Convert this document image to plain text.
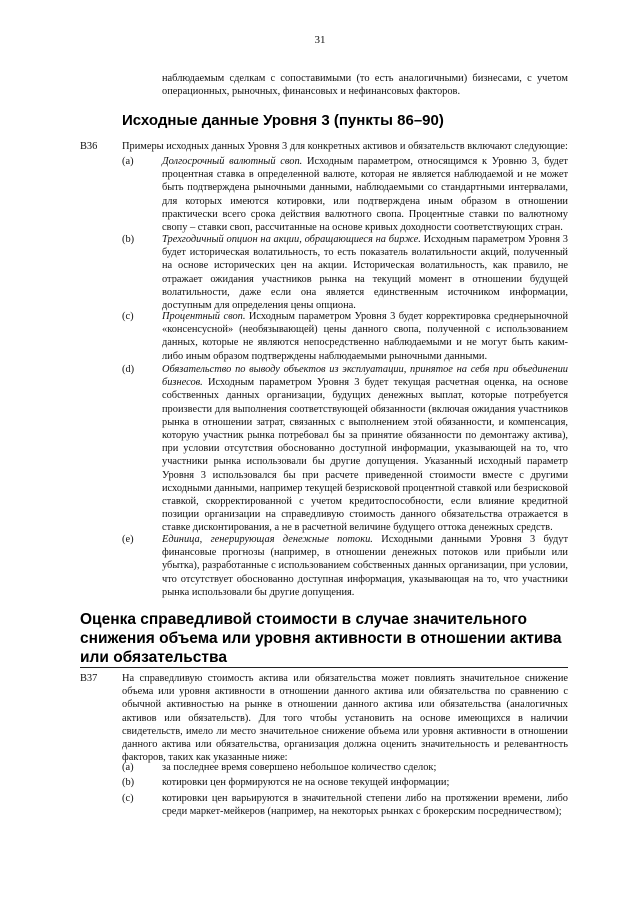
31
наблюдаемым сделкам с сопоставимыми (то есть аналогичными) бизнесами, с учетом операционных, рыночных, финансовых и нефинансовых факторов.
Исходные данные Уровня 3 (пункты 86–90)
B36 Примеры исходных данных Уровня 3 для конкретных активов и обязательств включают следующие:
(a)	Долгосрочный валютный своп. Исходным параметром, относящимся к Уровню 3, будет процентная ставка в определенной валюте, которая не является наблюдаемой и не может быть подтверждена рыночными данными, наблюдаемыми со стандартными интервалами, для которых имеются котировки, или подтверждена иным образом в отношении практически всего срока действия валютного свопа. Процентные ставки по валютному свопу – ставки своп, рассчитанные на основе кривых доходности соответствующих стран.
(b)	Трехгодичный опцион на акции, обращающиеся на бирже. Исходным параметром Уровня 3 будет историческая волатильность, то есть показатель волатильности акций, полученный на основе исторических цен на акции. Историческая волатильность, как правило, не отражает ожидания участников рынка на текущий момент в отношении будущей волатильности, даже если она является единственным источником информации, доступным для определения цены опциона.
(c)	Процентный своп. Исходным параметром Уровня 3 будет корректировка среднерыночной «консенсусной» (необязывающей) цены данного свопа, полученной с использованием данных, которые не являются непосредственно наблюдаемыми и не могут быть каким-либо иным образом подтверждены наблюдаемыми рыночными данными.
(d)	Обязательство по выводу объектов из эксплуатации, принятое на себя при объединении бизнесов. Исходным параметром Уровня 3 будет текущая расчетная оценка, на основе собственных данных организации, будущих денежных выплат, которые потребуется произвести для выполнения соответствующей обязанности (включая ожидания участников рынка в отношении затрат, связанных с выполнением этой обязанности, и компенсация, которую участник рынка потребовал бы за принятие обязанности по демонтажу актива), при условии отсутствия обоснованно доступной информации, указывающей на то, что участники рынка использовали бы другие допущения. Указанный исходный параметр Уровня 3 использовался бы при расчете приведенной стоимости вместе с другими исходными данными, например текущей безрисковой процентной ставкой или безрисковой ставкой, скорректированной с учетом кредитоспособности, если влияние кредитной позиции организации на справедливую стоимость данного обязательства отражается в ставке дисконтирования, а не в расчетной величине будущего оттока денежных средств.
(e)	Единица, генерирующая денежные потоки. Исходными данными Уровня 3 будут финансовые прогнозы (например, в отношении денежных потоков или прибыли или убытка), разработанные с использованием собственных данных организации, при условии, что отсутствует обоснованно доступная информация, указывающая на то, что участники рынка использовали бы другие допущения.
Оценка справедливой стоимости в случае значительного снижения объема или уровня активности в отношении актива или обязательства
B37 На справедливую стоимость актива или обязательства может повлиять значительное снижение объема или уровня активности в отношении данного актива или обязательства по сравнению с обычной активностью на рынке в отношении данного актива или обязательства (аналогичных активов или обязательств). Для того чтобы установить на основе имеющихся в наличии свидетельств, имело ли место значительное снижение объема или уровня активности в отношении данного актива или обязательства, организация должна оценить значительность и релевантность факторов, таких как указанные ниже:
(a)	за последнее время совершено небольшое количество сделок;
(b)	котировки цен формируются не на основе текущей информации;
(c)	котировки цен варьируются в значительной степени либо на протяжении времени, либо среди маркет-мейкеров (например, на некоторых рынках с брокерским посредничеством);
